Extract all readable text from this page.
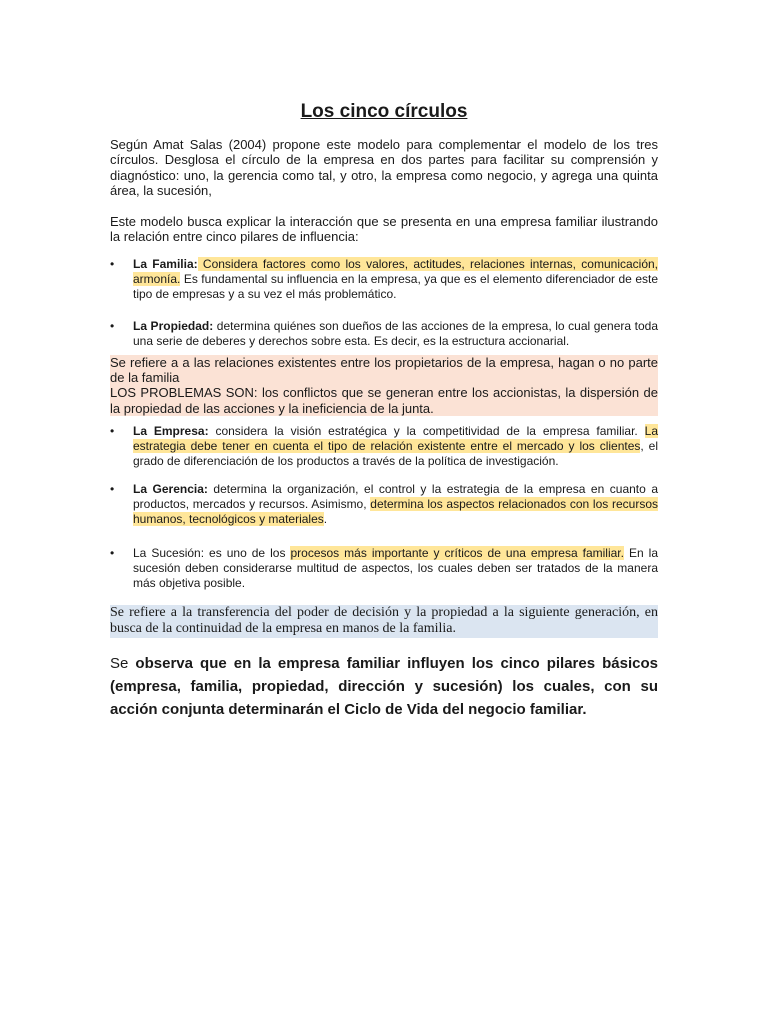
Los cinco círculos

Según Amat Salas (2004) propone este modelo para complementar el modelo de los tres círculos. Desglosa el círculo de la empresa en dos partes para facilitar su comprensión y diagnóstico: uno, la gerencia como tal, y otro, la empresa como negocio, y agrega una quinta área, la sucesión,

Este modelo busca explicar la interacción que se presenta en una empresa familiar ilustrando la relación entre cinco pilares de influencia:

• La Familia: Considera factores como los valores, actitudes, relaciones internas, comunicación, armonía. Es fundamental su influencia en la empresa, ya que es el elemento diferenciador de este tipo de empresas y a su vez el más problemático.
• La Propiedad: determina quiénes son dueños de las acciones de la empresa, lo cual genera toda una serie de deberes y derechos sobre esta. Es decir, es la estructura accionarial.

Se refiere a a las relaciones existentes entre los propietarios de la empresa, hagan o no parte de la familia

LOS PROBLEMAS SON: los conflictos que se generan entre los accionistas, la dispersión de la propiedad de las acciones y la ineficiencia de la junta.

• La Empresa: considera la visión estratégica y la competitividad de la empresa familiar. La estrategia debe tener en cuenta el tipo de relación existente entre el mercado y los clientes, el grado de diferenciación de los productos a través de la política de investigación.
• La Gerencia: determina la organización, el control y la estrategia de la empresa en cuanto a productos, mercados y recursos. Asimismo, determina los aspectos relacionados con los recursos humanos, tecnológicos y materiales.
• La Sucesión: es uno de los procesos más importante y críticos de una empresa familiar. En la sucesión deben considerarse multitud de aspectos, los cuales deben ser tratados de la manera más objetiva posible.

Se refiere a la transferencia del poder de decisión y la propiedad a la siguiente generación, en busca de la continuidad de la empresa en manos de la familia.

Se observa que en la empresa familiar influyen los cinco pilares básicos (empresa, familia, propiedad, dirección y sucesión) los cuales, con su acción conjunta determinarán el Ciclo de Vida del negocio familiar.
